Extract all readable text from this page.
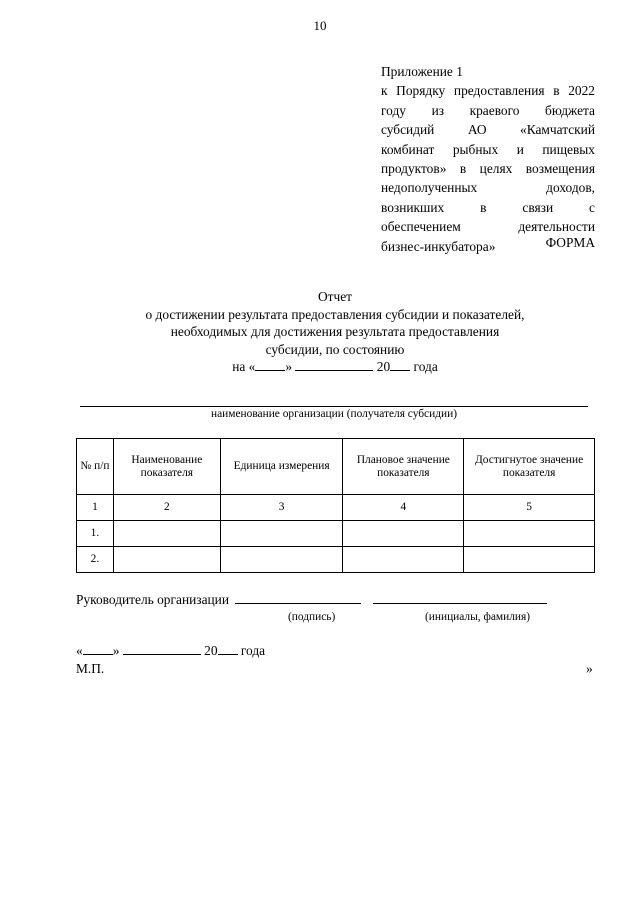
10
Приложение 1
к Порядку предоставления в 2022
году из краевого бюджета
субсидий АО «Камчатский
комбинат рыбных и пищевых
продуктов» в целях возмещения
недополученных доходов,
возникших в связи с
обеспечением деятельности
бизнес-инкубатора»	ФОРМА
Отчет
о достижении результата предоставления субсидии и показателей,
необходимых для достижения результата предоставления
субсидии, по состоянию
на « »	20 года
наименование организации (получателя субсидии)
№ п/п	Наименование показателя	Единица измерения	Плановое значение показателя	Достигнутое значение показателя
1	2	3	4	5
1.				
2.				
Руководитель организации
(подпись)	(инициалы, фамилия)
« »	20 года
М.П.	»
